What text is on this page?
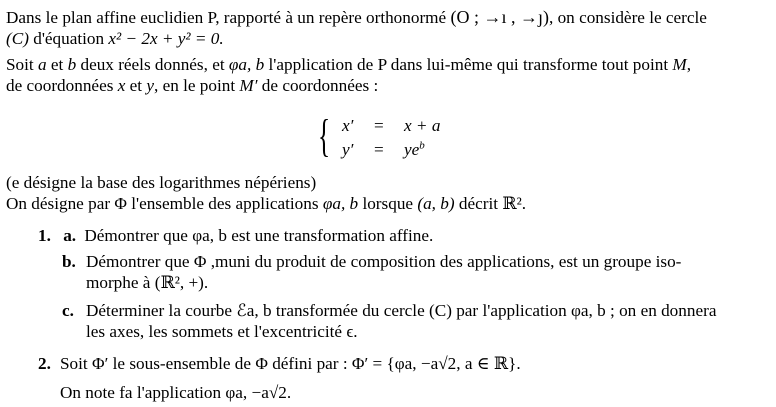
Dans le plan affine euclidien P, rapporté à un repère orthonormé (O ; →ı , →ȷ), on considère le cercle
(C) d'équation x² − 2x + y² = 0.
Soit a et b deux réels donnés, et φa, b l'application de P dans lui-même qui transforme tout point M,
de coordonnées x et y, en le point M′ de coordonnées :
{ x′ = x + a
$y' = ye^b$
(e désigne la base des logarithmes népériens)
On désigne par Φ l'ensemble des applications φa, b lorsque (a, b) décrit ℝ².
1. a. Démontrer que φa, b est une transformation affine.
b. Démontrer que Φ ,muni du produit de composition des applications, est un groupe iso-
morphe à (ℝ², +).
c. Déterminer la courbe ℰa, b transformée du cercle (C) par l'application φa, b ; on en donnera
les axes, les sommets et l'excentricité ϵ.
2. Soit Φ′ le sous-ensemble de Φ défini par : Φ′ = {φa, −a√2, a ∈ ℝ}.
On note fa l'application φa, −a√2.
